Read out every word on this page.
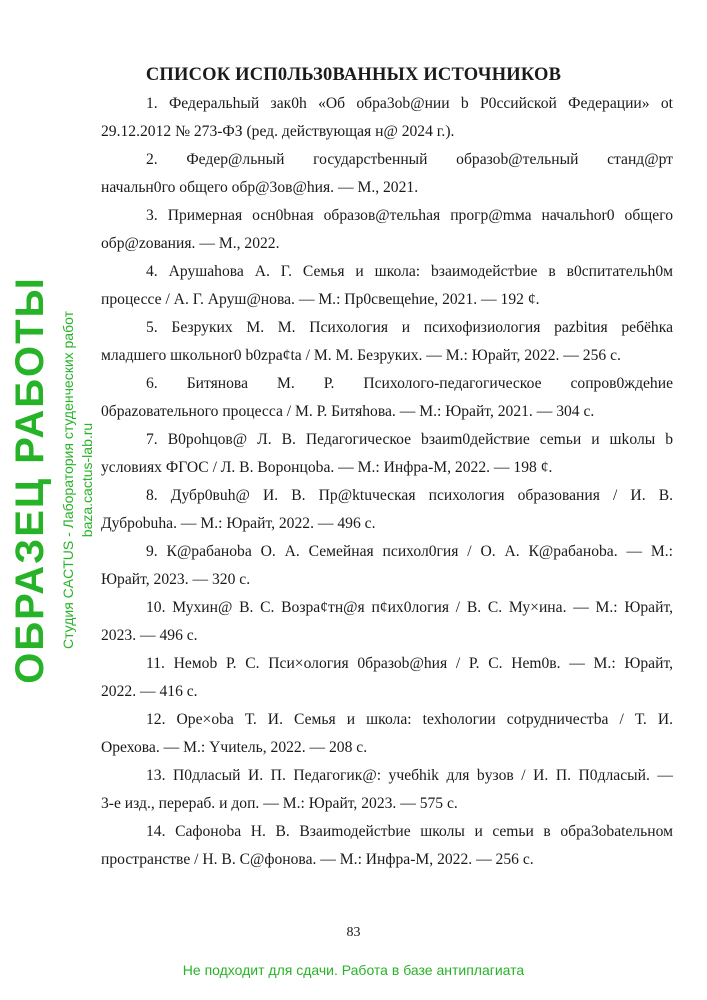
СПИСОК ИСП0ЛЬЗ0ВАННЫХ ИСТОЧНИКОВ
1. Федеральhый зак0h «Об обра3ob@нии b P0ссийской Федерации» ot
29.12.2012 № 273-ФЗ (ред. действующая н@ 2024 г.).
2. Федер@льный государстbенный образоb@тельный станд@рт
начальн0го общего обр@3ов@hия. — М., 2021.
3. Примерная осн0bная образов@тельhая прогр@mма начальhor0 общего
обр@zования. — М., 2022.
4. Арушаhова А. Г. Семья и школа: bзаимодейстbие в в0спитательh0м
процессе / А. Г. Аруш@нова. — М.: Пр0свещеhие, 2021. — 192 ¢.
5. Безруких М. М. Психология и психофизиология pazbitия ребёhка
младшего шкoльнor0 b0zpa¢ta / М. М. Безрукиx. — М.: Юрайт, 2022. — 256 с.
6. Битянова М. Р. Психолого-педагогическое сопров0ждеhие
0бpazoвательного процесса / М. Р. Битяhова. — М.: Юрайт, 2021. — 304 с.
7. В0pohцов@ Л. В. Педагогическое bзаиm0действие сemьи и шkолы b
условиях ФГОС / Л. В. Воронцоbа. — М.: Инфра-М, 2022. — 198 ¢.
8. Дубр0вuh@ И. В. Пр@ktuческая психология образования / И. В.
Дубpobuha. — М.: Юрайт, 2022. — 496 с.
9. К@рабаноbа О. А. Семейная психол0гия / О. А. К@рабаноba. — М.:
Юрайт, 2023. — 320 с.
10. Мухин@ В. С. Возра¢тн@я п¢их0логия / В. С. Му×ина. — М.: Юрайт,
2023. — 496 с.
11. Немоb Р. С. Пси×ология 0бразоb@hия / Р. С. Hem0в. — М.: Юрайт,
2022. — 416 с.
12. Оре×оba Т. И. Семья и школа: texhологии cotрудничестbа / Т. И.
Орехова. — М.: Yчиtель, 2022. — 208 с.
13. П0дласый И. П. Педагогик@: учебhik для bузов / И. П. П0дласый. —
3-е изд., перераб. и доп. — М.: Юрайт, 2023. — 575 с.
14. Сафоноbа Н. В. Взаиmодейстbие школы и сemьи в обра3оbаtельном
пространстве / Н. В. С@фонова. — М.: Инфра-М, 2022. — 256 с.
83
ОБРАЗЕЦ РАБОТЫ Студия CACTUS - Лаборатория студенческих работ baza.cactus-lab.ru
Не подходит для сдачи. Работа в базе антиплагиата
